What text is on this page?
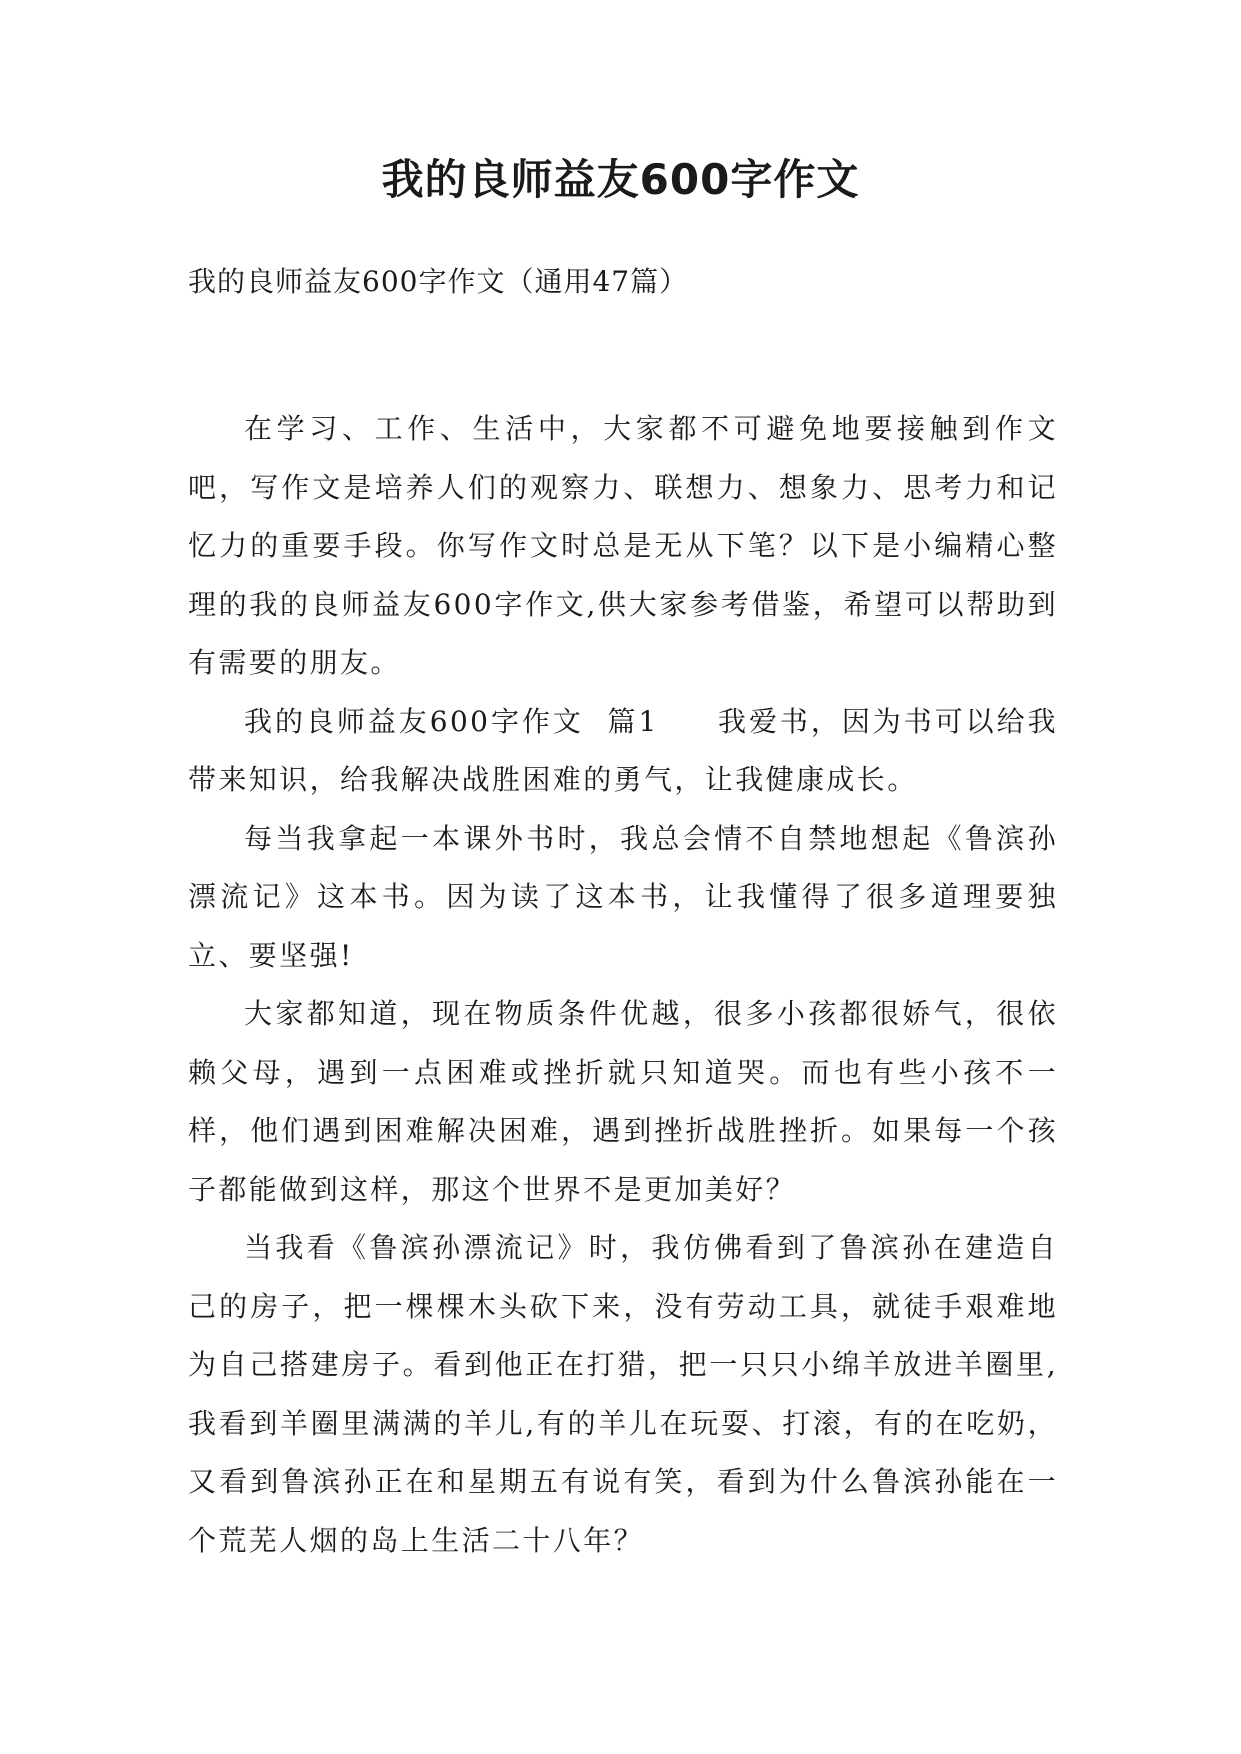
我的良师益友600字作文

我的良师益友600字作文（通用47篇）

在学习、工作、生活中，大家都不可避免地要接触到作文吧，写作文是培养人们的观察力、联想力、想象力、思考力和记忆力的重要手段。你写作文时总是无从下笔？以下是小编精心整理的我的良师益友600字作文,供大家参考借鉴，希望可以帮助到有需要的朋友。

我的良师益友600字作文  篇1     我爱书，因为书可以给我带来知识，给我解决战胜困难的勇气，让我健康成长。

每当我拿起一本课外书时，我总会情不自禁地想起《鲁滨孙漂流记》这本书。因为读了这本书，让我懂得了很多道理要独立、要坚强!

大家都知道，现在物质条件优越，很多小孩都很娇气，很依赖父母，遇到一点困难或挫折就只知道哭。而也有些小孩不一样，他们遇到困难解决困难，遇到挫折战胜挫折。如果每一个孩子都能做到这样，那这个世界不是更加美好？

当我看《鲁滨孙漂流记》时，我仿佛看到了鲁滨孙在建造自己的房子，把一棵棵木头砍下来，没有劳动工具，就徒手艰难地为自己搭建房子。看到他正在打猎，把一只只小绵羊放进羊圈里,我看到羊圈里满满的羊儿,有的羊儿在玩耍、打滚，有的在吃奶，又看到鲁滨孙正在和星期五有说有笑，看到为什么鲁滨孙能在一个荒芜人烟的岛上生活二十八年？
